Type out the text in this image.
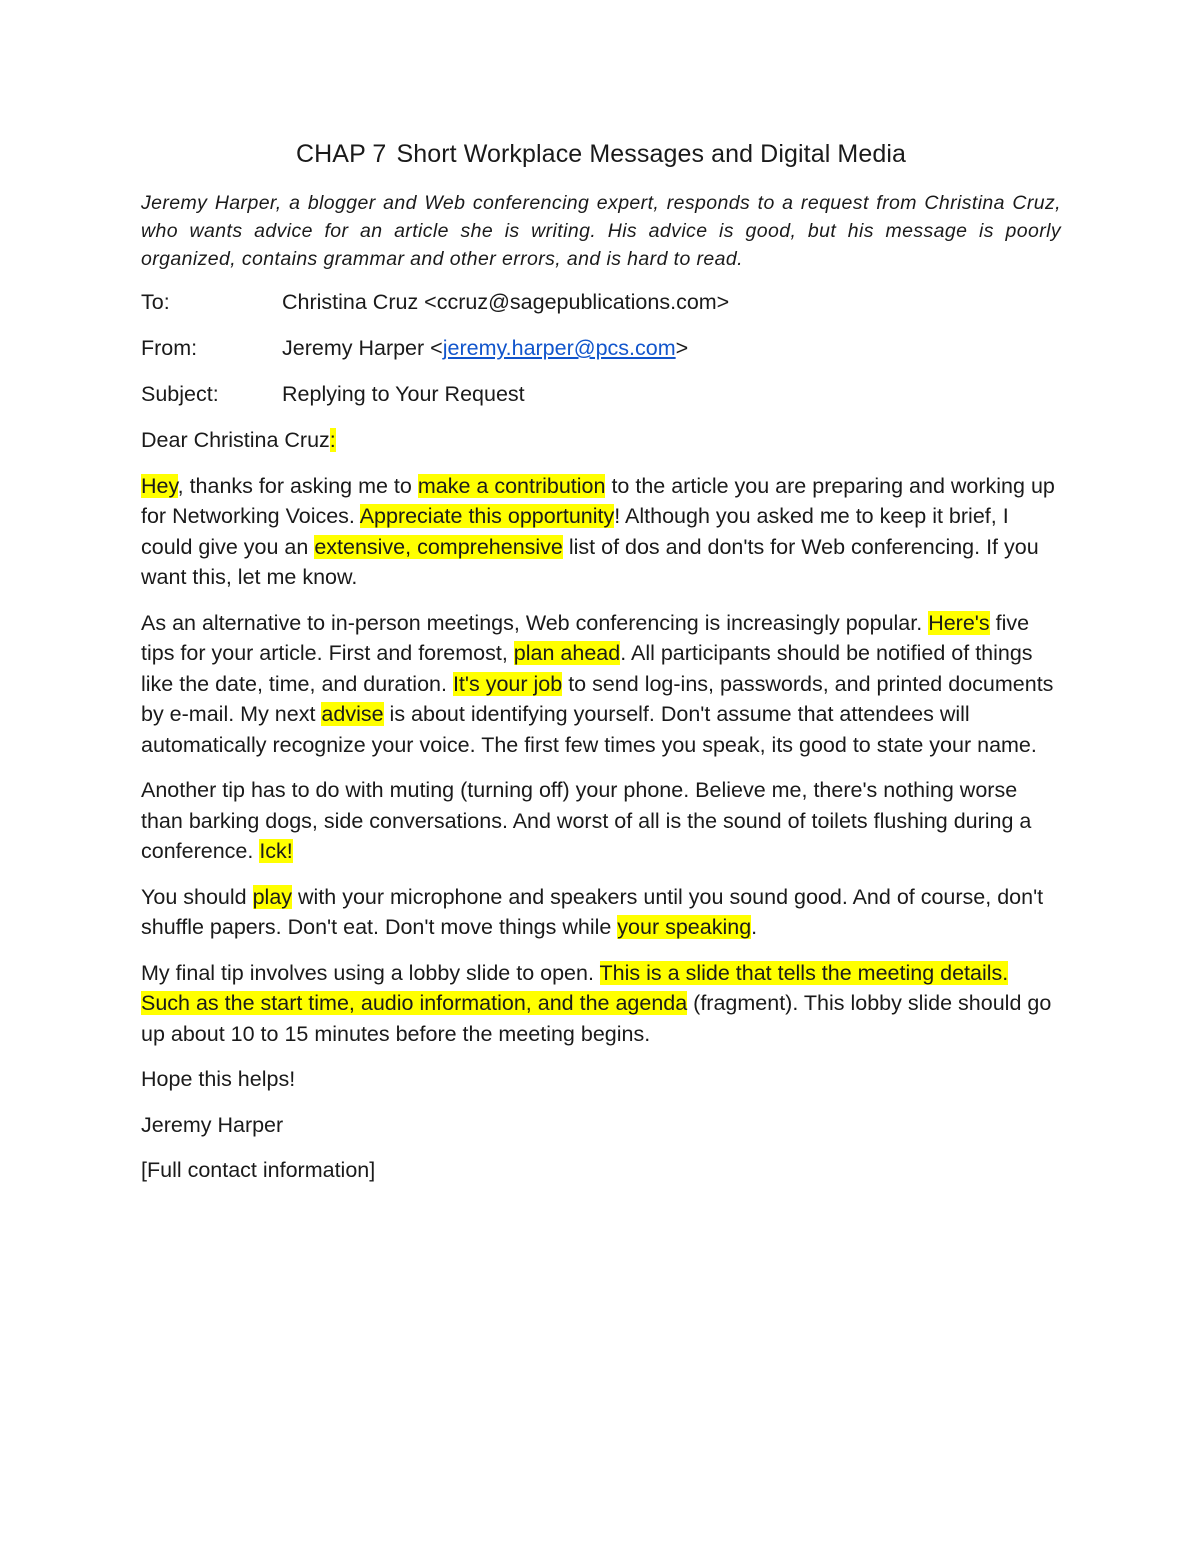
CHAP 7 Short Workplace Messages and Digital Media

Jeremy Harper, a blogger and Web conferencing expert, responds to a request from Christina Cruz, who wants advice for an article she is writing. His advice is good, but his message is poorly organized, contains grammar and other errors, and is hard to read.

To:	Christina Cruz <ccruz@sagepublications.com>
From:	Jeremy Harper <jeremy.harper@pcs.com>
Subject:	Replying to Your Request

Dear Christina Cruz:

Hey, thanks for asking me to make a contribution to the article you are preparing and working up for Networking Voices. Appreciate this opportunity! Although you asked me to keep it brief, I could give you an extensive, comprehensive list of dos and don'ts for Web conferencing. If you want this, let me know.

As an alternative to in-person meetings, Web conferencing is increasingly popular. Here's five tips for your article. First and foremost, plan ahead. All participants should be notified of things like the date, time, and duration. It's your job to send log-ins, passwords, and printed documents by e-mail. My next advise is about identifying yourself. Don't assume that attendees will automatically recognize your voice. The first few times you speak, its good to state your name.

Another tip has to do with muting (turning off) your phone. Believe me, there's nothing worse than barking dogs, side conversations. And worst of all is the sound of toilets flushing during a conference. Ick!

You should play with your microphone and speakers until you sound good. And of course, don't shuffle papers. Don't eat. Don't move things while your speaking.

My final tip involves using a lobby slide to open. This is a slide that tells the meeting details. Such as the start time, audio information, and the agenda (fragment). This lobby slide should go up about 10 to 15 minutes before the meeting begins.

Hope this helps!

Jeremy Harper

[Full contact information]
